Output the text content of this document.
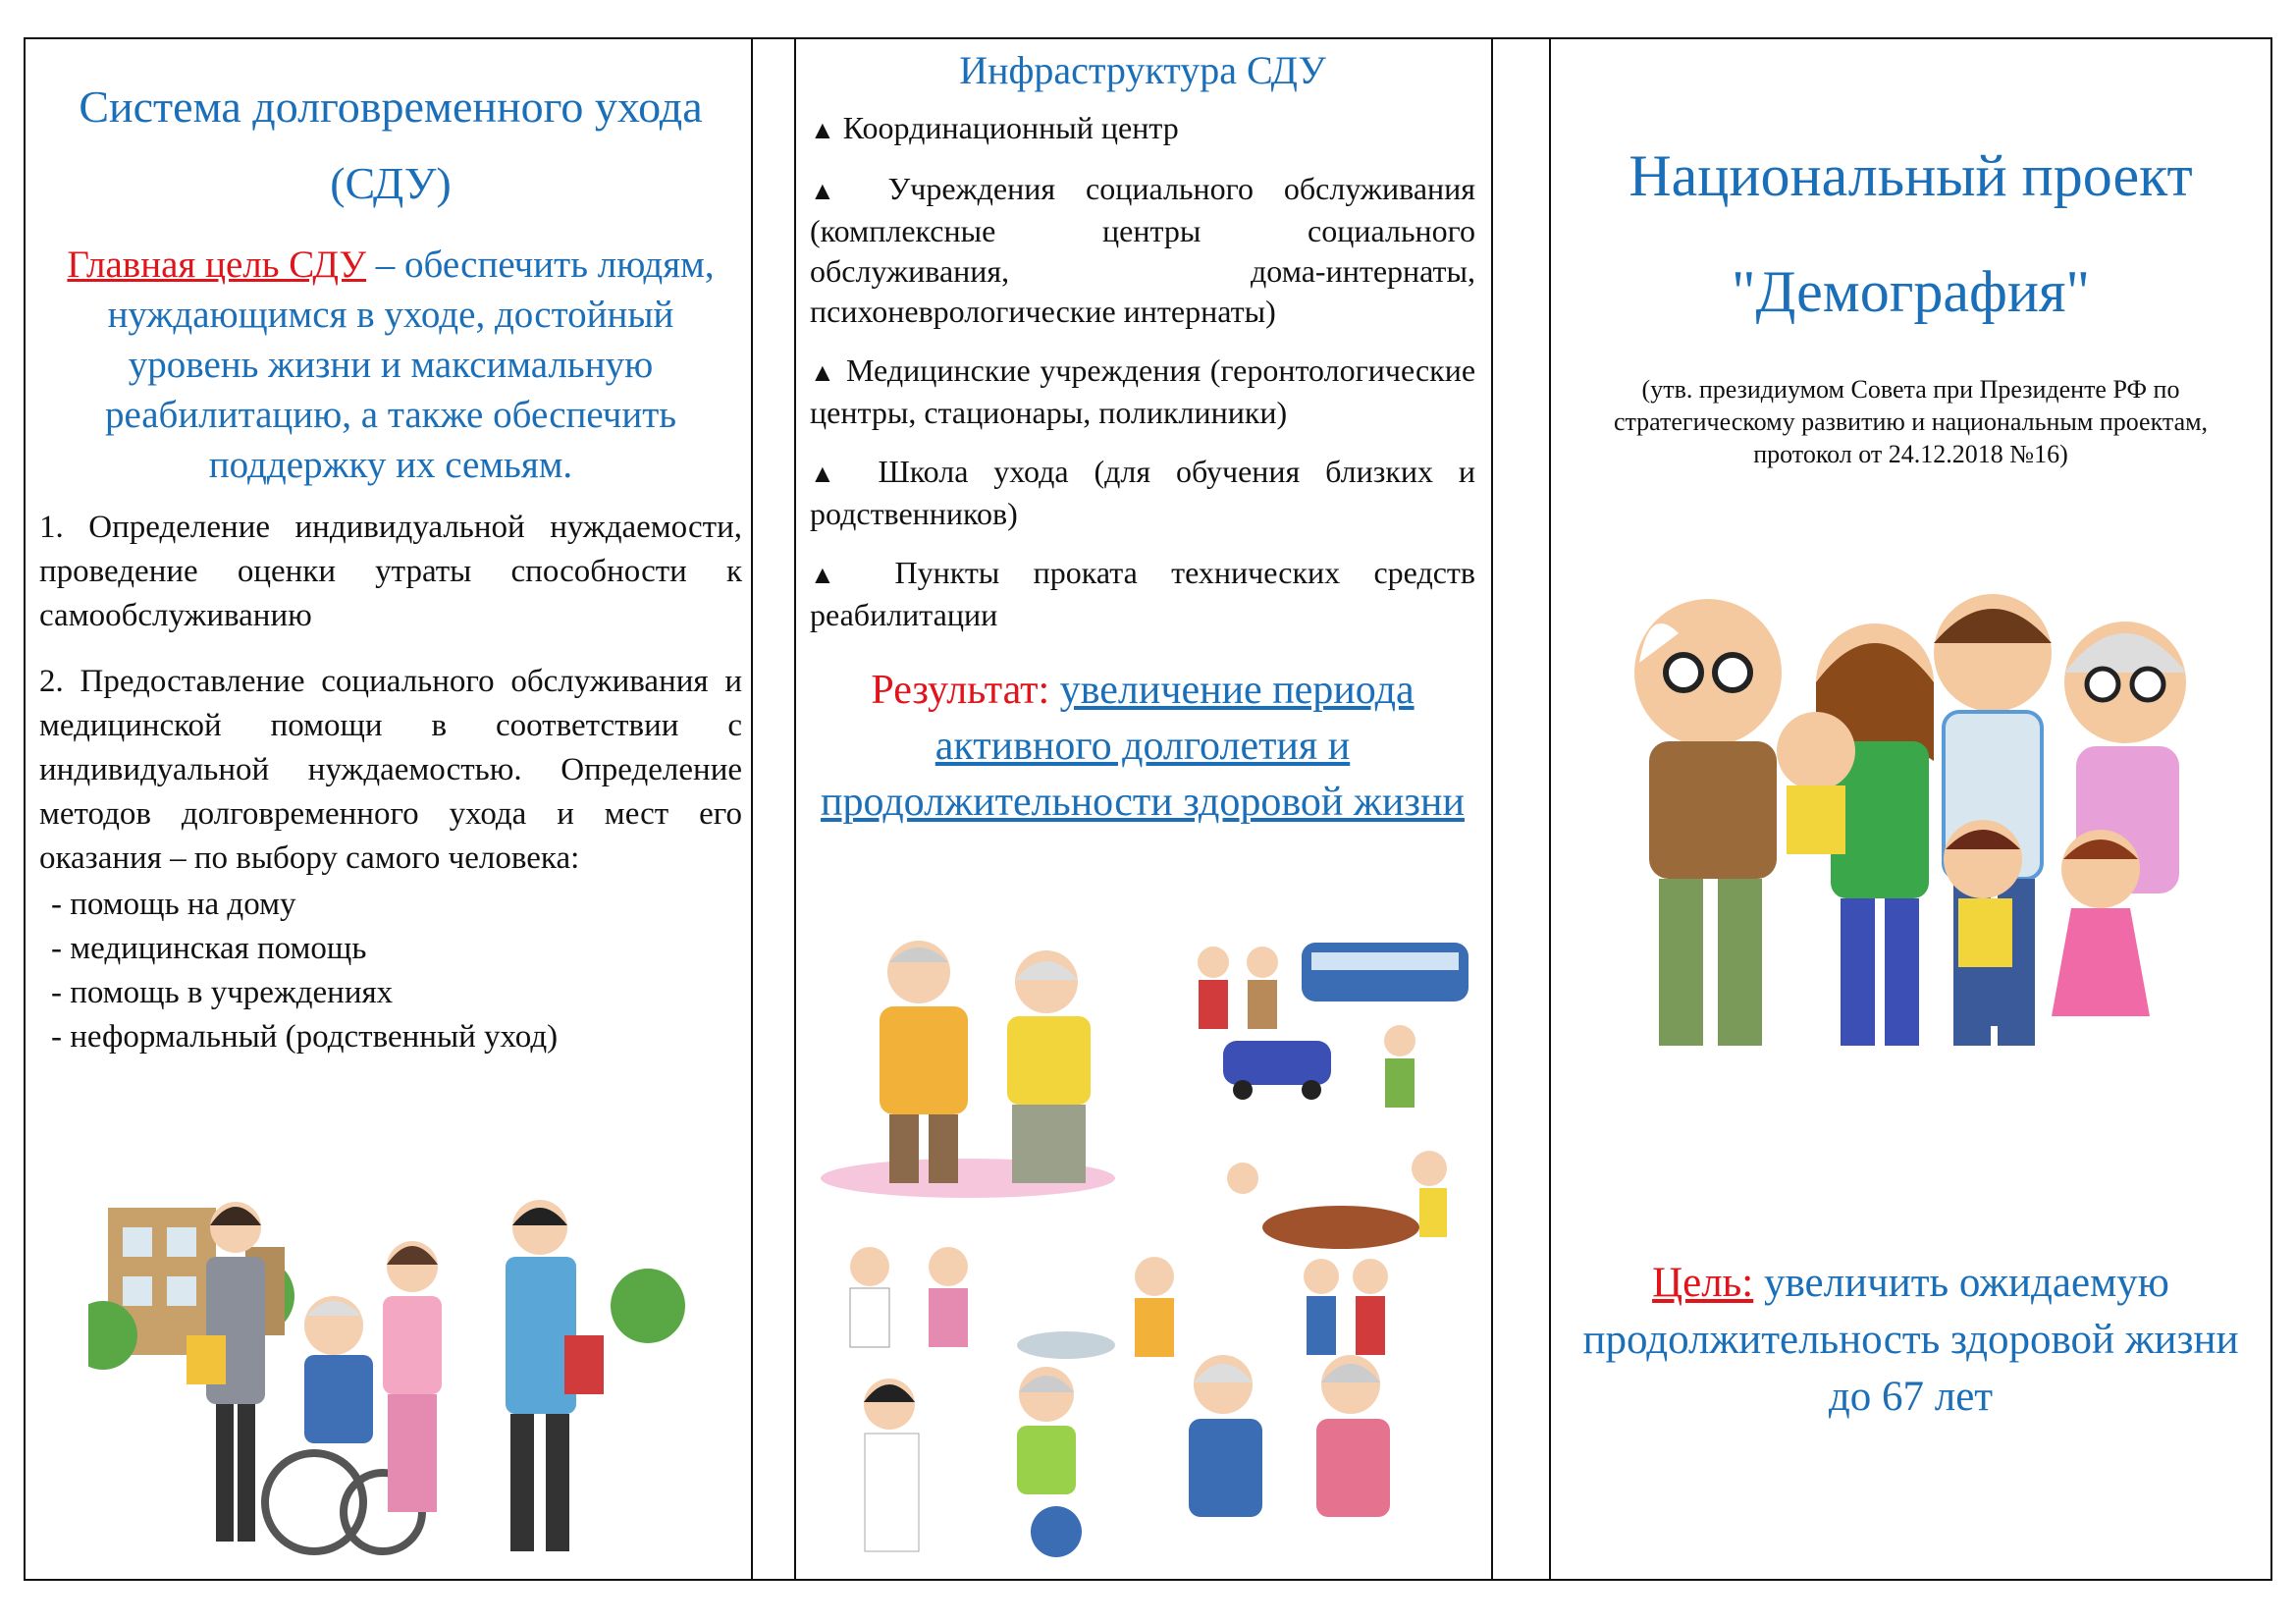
Система долговременного ухода
(СДУ)

Главная цель СДУ – обеспечить людям, нуждающимся в уходе, достойный уровень жизни и максимальную реабилитацию, а также обеспечить поддержку их семьям.

1. Определение индивидуальной нуждаемости, проведение оценки утраты способности к самообслуживанию

2. Предоставление социального обслуживания и медицинской помощи в соответствии с индивидуальной нуждаемостью. Определение методов долговременного ухода и мест его оказания – по выбору самого человека:

- помощь на дому

- медицинская помощь

- помощь в учреждениях

- неформальный (родственный уход)

Инфраструктура СДУ

▲ Координационный центр

▲ Учреждения социального обслуживания (комплексные центры социального обслуживания, дома-интернаты, психоневрологические интернаты)

▲ Медицинские учреждения (геронтологические центры, стационары, поликлиники)

▲ Школа ухода (для обучения близких и родственников)

▲ Пункты проката технических средств реабилитации

Результат: увеличение периода активного долголетия и продолжительности здоровой жизни

Национальный проект
"Демография"

(утв. президиумом Совета при Президенте РФ по стратегическому развитию и национальным проектам, протокол от 24.12.2018 №16)

Цель: увеличить ожидаемую продолжительность здоровой жизни до 67 лет
